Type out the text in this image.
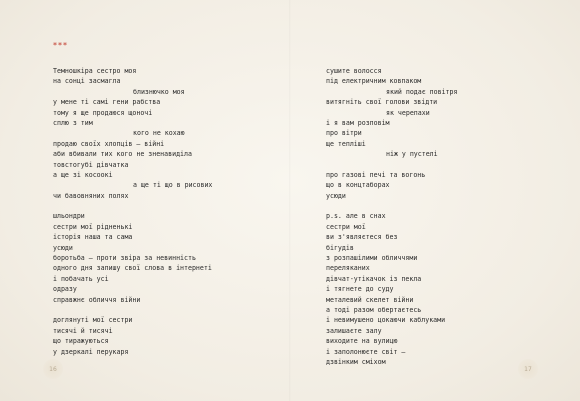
***
Темношкіра сестро моя
на сонці засмагла
близнючко моя
у мене ті самі гени рабства
тому я ще продаюся щоночі
сплю з тим
кого не кохаю
продаю своїх хлопців – війні
аби вбивали тих кого не зненавиділа
товстогубі дівчатка
а ще зі косоокі
а ще ті що в рисових
чи бавовняних полях
шльондри
сестри мої рідненькі
історія наша та сама
усюди
боротьба – проти звіра за невинність
одного дня запишу свої слова в інтернеті
і побачать усі
одразу
справжнє обличчя війни
доглянуті мої сестри
тисячі й тисячі
що тиражуються
у дзеркалі перукаря
сушите волосся
під електричним ковпаком
який подає повітря
витягніть свої голови звідти
як черепахи
і я вам розповім
про вітри
ще тепліші
ніж у пустелі
про газові печі та вогонь
що в концтаборах
усюди
p.s. але в снах
сестри мої
ви з'являєтеся без
бігудів
з розпашілими обличчями
переляканих
дівчат-утікачок із пекла
і тягнете до суду
металевий скелет війни
а тоді разом обертаєтесь
і невимушено цокаючи каблуками
залишаєте залу
виходите на вулицю
і заполонюєте світ –
дзвінким сміхом
16	17
